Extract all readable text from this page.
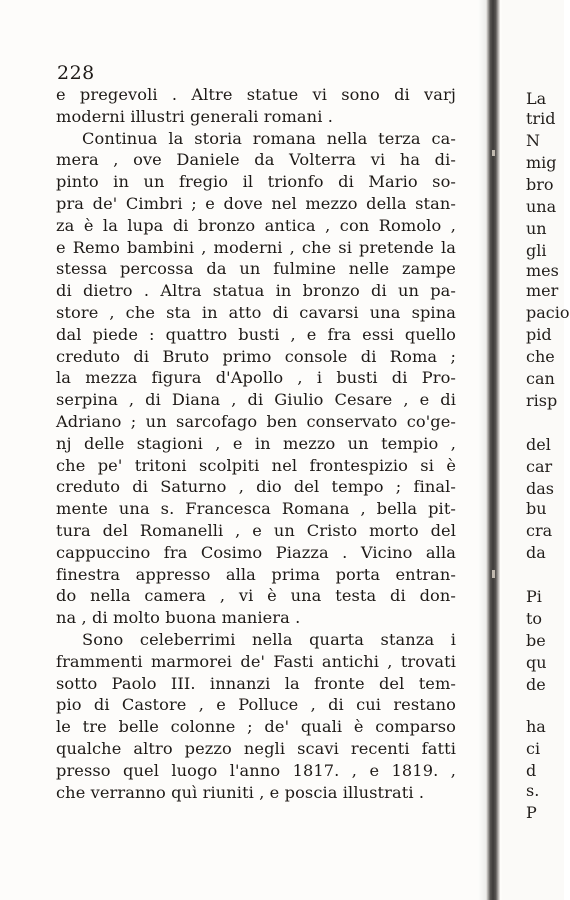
228
e pregevoli . Altre statue vi sono di varj
moderni illustri generali romani .
Continua la storia romana nella terza ca-
mera , ove Daniele da Volterra vi ha di-
pinto in un fregio il trionfo di Mario so-
pra de' Cimbri ; e dove nel mezzo della stan-
za è la lupa di bronzo antica , con Romolo ,
e Remo bambini , moderni , che si pretende la
stessa percossa da un fulmine nelle zampe
di dietro . Altra statua in bronzo di un pa-
store , che sta in atto di cavarsi una spina
dal piede : quattro busti , e fra essi quello
creduto di Bruto primo console di Roma ;
la mezza figura d'Apollo , i busti di Pro-
serpina , di Diana , di Giulio Cesare , e di
Adriano ; un sarcofago ben conservato co'ge-
nj delle stagioni , e in mezzo un tempio ,
che pe' tritoni scolpiti nel frontespizio si è
creduto di Saturno , dio del tempo ; final-
mente una s. Francesca Romana , bella pit-
tura del Romanelli , e un Cristo morto del
cappuccino fra Cosimo Piazza . Vicino alla
finestra appresso alla prima porta entran-
do nella camera , vi è una testa di don-
na , di molto buona maniera .
Sono celeberrimi nella quarta stanza i
frammenti marmorei de' Fasti antichi , trovati
sotto Paolo III. innanzi la fronte del tem-
pio di Castore , e Polluce , di cui restano
le tre belle colonne ; de' quali è comparso
qualche altro pezzo negli scavi recenti fatti
presso quel luogo l'anno 1817. , e 1819. ,
che verranno quì riuniti , e poscia illustrati .
La
trid
N
mig
bro
una
un
gli
mes
mer
pacio
pid
che
can
risp
del
car
das
bu
cra
da
Pi
to
be
qu
de
ha
ci
d
s.
P
